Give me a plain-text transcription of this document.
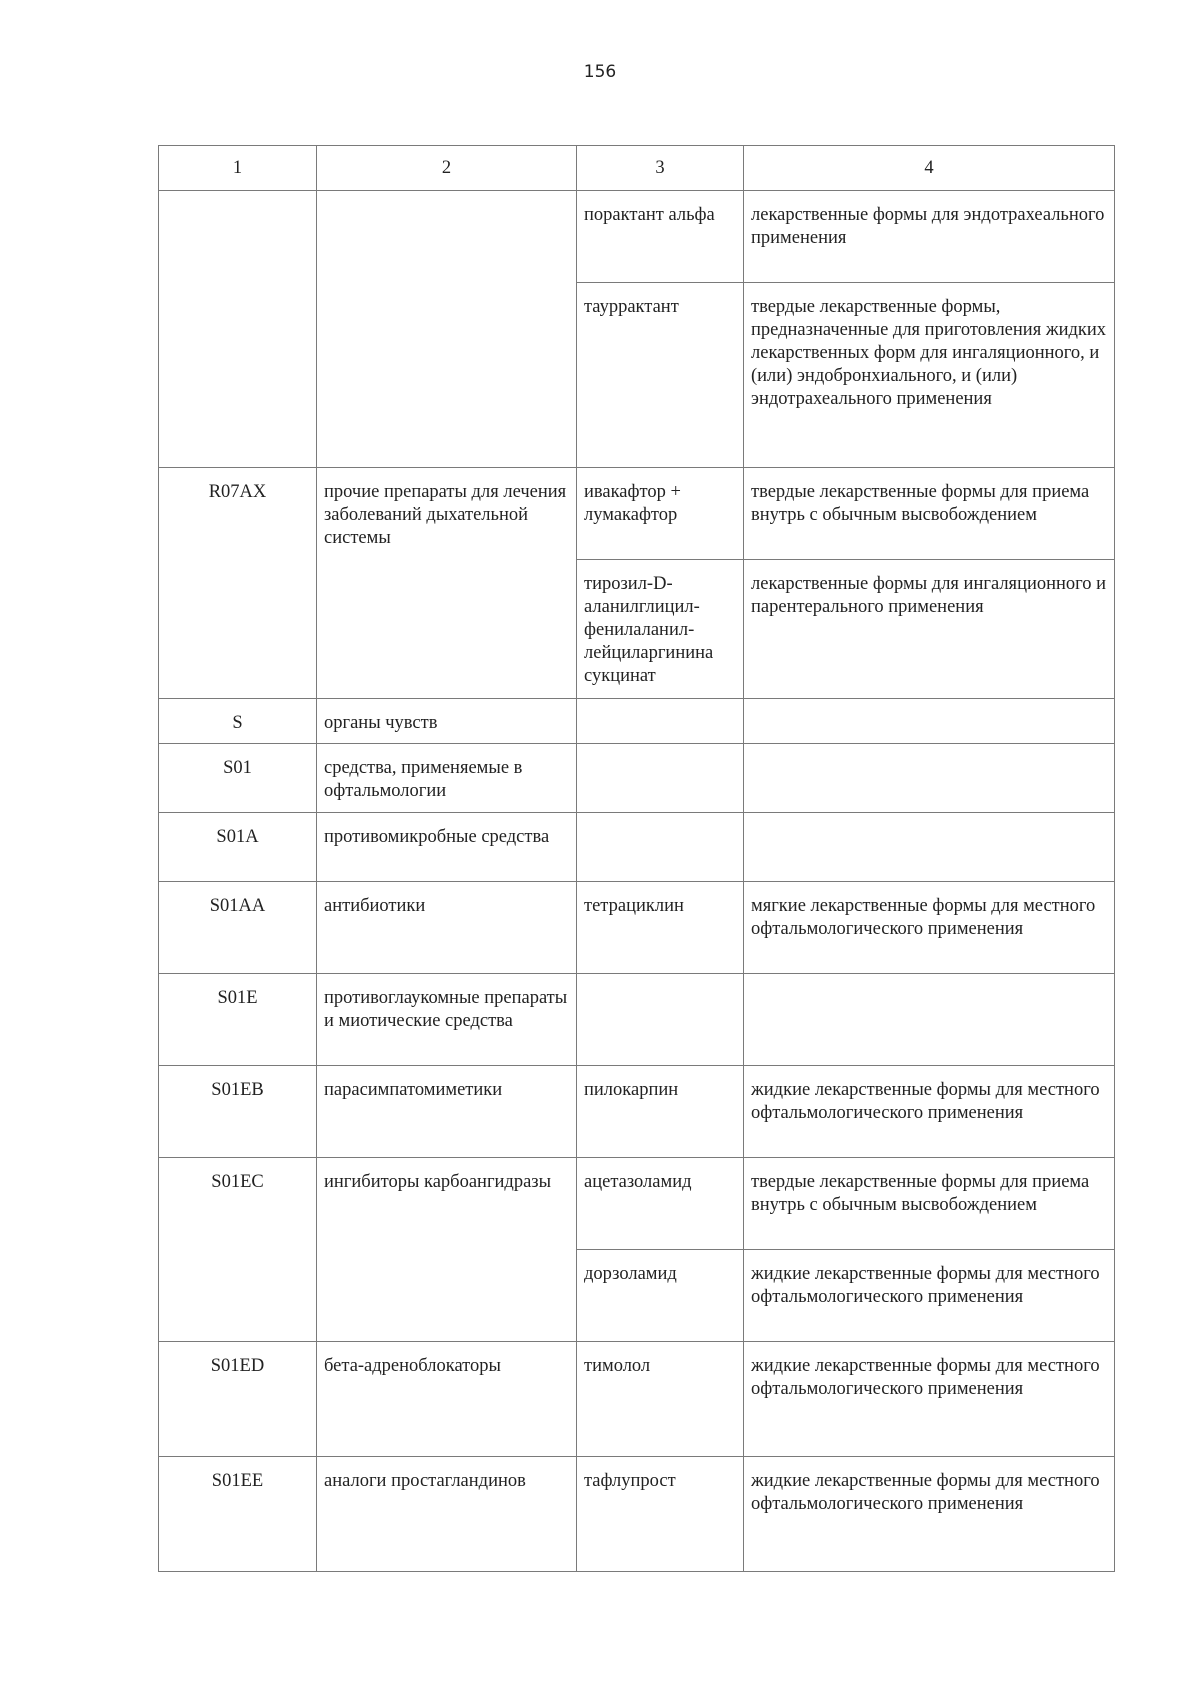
156
1	2	3	4
		порактант альфа	лекарственные формы для эндотрахеального применения
		тауррактант	твердые лекарственные формы, предназначенные для приготовления жидких лекарственных форм для ингаляционного, и (или) эндобронхиального, и (или) эндотрахеального применения
R07AX	прочие препараты для лечения заболеваний дыхательной системы	ивакафтор + лумакафтор	твердые лекарственные формы для приема внутрь с обычным высвобождением
		тирозил-D-аланилглицил-фенилаланил-лейцилаpгинина сукцинат	лекарственные формы для ингаляционного и парентерального применения
S	органы чувств		
S01	средства, применяемые в офтальмологии		
S01A	противомикробные средства		
S01AA	антибиотики	тетрациклин	мягкие лекарственные формы для местного офтальмологического применения
S01E	противоглаукомные препараты и миотические средства		
S01EB	парасимпатомиметики	пилокарпин	жидкие лекарственные формы для местного офтальмологического применения
S01EC	ингибиторы карбоангидразы	ацетазоламид	твердые лекарственные формы для приема внутрь с обычным высвобождением
		дорзоламид	жидкие лекарственные формы для местного офтальмологического применения
S01ED	бета-адреноблокаторы	тимолол	жидкие лекарственные формы для местного офтальмологического применения
S01EE	аналоги простагландинов	тафлупрост	жидкие лекарственные формы для местного офтальмологического применения
